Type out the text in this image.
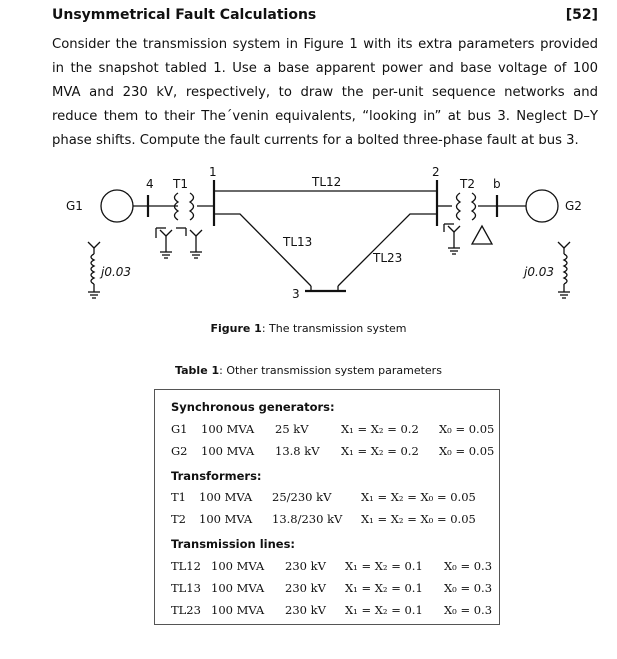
Unsymmetrical Fault Calculations	[52]

Consider the transmission system in Figure 1 with its extra parameters provided in the snapshot tabled 1. Use a base apparent power and base voltage of 100 MVA and 230 kV, respectively, to draw the per-unit sequence networks and reduce them to their The´venin equivalents, “looking in” at bus 3. Neglect D–Y phase shifts. Compute the fault currents for a bolted three-phase fault at bus 3.

G1	G2
T1	T2
4	b
1	2
3
TL12
TL13
TL23
j0.03	j0.03
Figure 1: The transmission system
Table 1: Other transmission system parameters
Synchronous generators:
G1 100 MVA 25 kV	X₁ = X₂ = 0.2 X₀ = 0.05
G2 100 MVA 13.8 kV X₁ = X₂ = 0.2 X₀ = 0.05
Transformers:
T1 100 MVA 25/230 kV	X₁ = X₂ = X₀ = 0.05
T2 100 MVA 13.8/230 kV X₁ = X₂ = X₀ = 0.05
Transmission lines:
TL12 100 MVA 230 kV X₁ = X₂ = 0.1 X₀ = 0.3
TL13 100 MVA 230 kV X₁ = X₂ = 0.1 X₀ = 0.3
TL23 100 MVA 230 kV X₁ = X₂ = 0.1 X₀ = 0.3
